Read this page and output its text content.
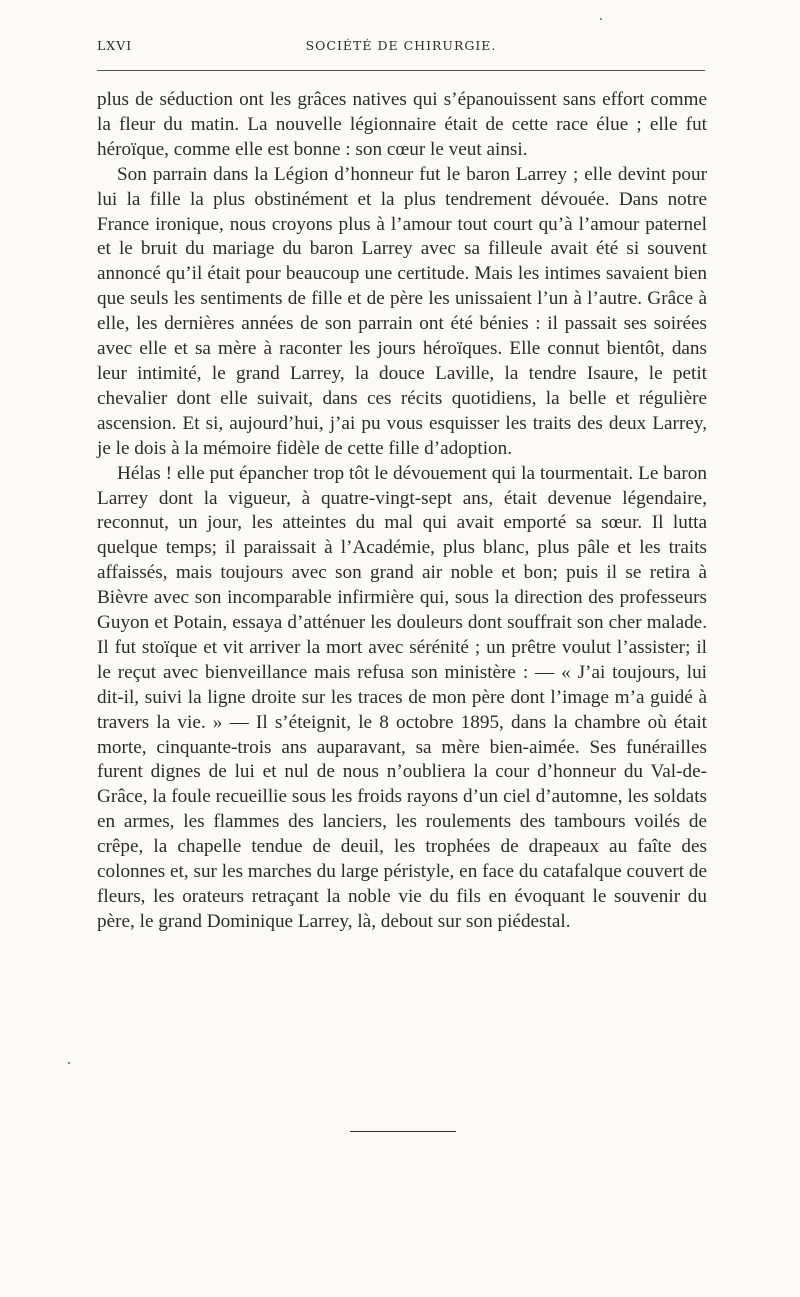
LXVI	SOCIÉTÉ DE CHIRURGIE.

plus de séduction ont les grâces natives qui s’épanouissent sans effort comme la fleur du matin. La nouvelle légionnaire était de cette race élue ; elle fut héroïque, comme elle est bonne : son cœur le veut ainsi.

Son parrain dans la Légion d’honneur fut le baron Larrey ; elle devint pour lui la fille la plus obstinément et la plus tendrement dévouée. Dans notre France ironique, nous croyons plus à l’amour tout court qu’à l’amour paternel et le bruit du mariage du baron Larrey avec sa filleule avait été si souvent annoncé qu’il était pour beaucoup une certitude. Mais les intimes savaient bien que seuls les sentiments de fille et de père les unissaient l’un à l’autre. Grâce à elle, les dernières années de son parrain ont été bénies : il passait ses soirées avec elle et sa mère à raconter les jours héroïques. Elle connut bientôt, dans leur intimité, le grand Larrey, la douce Laville, la tendre Isaure, le petit chevalier dont elle suivait, dans ces récits quotidiens, la belle et régulière ascension. Et si, aujourd’hui, j’ai pu vous esquisser les traits des deux Larrey, je le dois à la mémoire fidèle de cette fille d’adoption.

Hélas ! elle put épancher trop tôt le dévouement qui la tourmentait. Le baron Larrey dont la vigueur, à quatre-vingt-sept ans, était devenue légendaire, reconnut, un jour, les atteintes du mal qui avait emporté sa sœur. Il lutta quelque temps; il paraissait à l’Académie, plus blanc, plus pâle et les traits affaissés, mais toujours avec son grand air noble et bon; puis il se retira à Bièvre avec son incomparable infirmière qui, sous la direction des professeurs Guyon et Potain, essaya d’atténuer les douleurs dont souffrait son cher malade. Il fut stoïque et vit arriver la mort avec sérénité ; un prêtre voulut l’assister; il le reçut avec bienveillance mais refusa son ministère : — « J’ai toujours, lui dit-il, suivi la ligne droite sur les traces de mon père dont l’image m’a guidé à travers la vie. » — Il s’éteignit, le 8 octobre 1895, dans la chambre où était morte, cinquante-trois ans auparavant, sa mère bien-aimée. Ses funérailles furent dignes de lui et nul de nous n’oubliera la cour d’honneur du Val-de-Grâce, la foule recueillie sous les froids rayons d’un ciel d’automne, les soldats en armes, les flammes des lanciers, les roulements des tambours voilés de crêpe, la chapelle tendue de deuil, les trophées de drapeaux au faîte des colonnes et, sur les marches du large péristyle, en face du catafalque couvert de fleurs, les orateurs retraçant la noble vie du fils en évoquant le souvenir du père, le grand Dominique Larrey, là, debout sur son piédestal.
